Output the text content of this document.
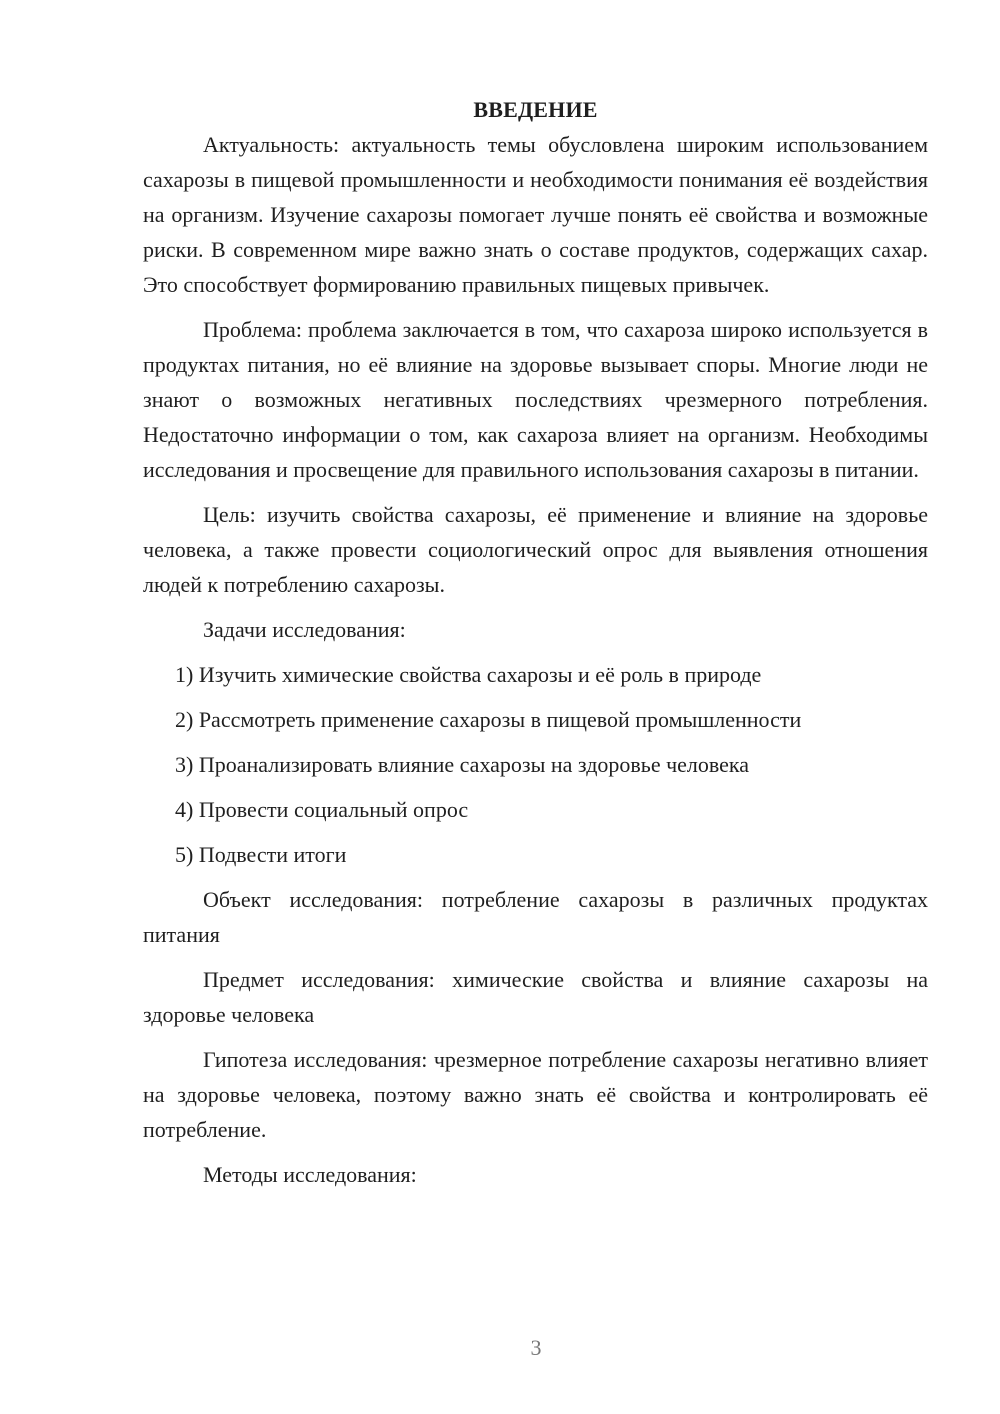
ВВЕДЕНИЕ

Актуальность: актуальность темы обусловлена широким использованием сахарозы в пищевой промышленности и необходимости понимания её воздействия на организм. Изучение сахарозы помогает лучше понять её свойства и возможные риски. В современном мире важно знать о составе продуктов, содержащих сахар. Это способствует формированию правильных пищевых привычек.

Проблема: проблема заключается в том, что сахароза широко используется в продуктах питания, но её влияние на здоровье вызывает споры. Многие люди не знают о возможных негативных последствиях чрезмерного потребления. Недостаточно информации о том, как сахароза влияет на организм. Необходимы исследования и просвещение для правильного использования сахарозы в питании.

Цель: изучить свойства сахарозы, её применение и влияние на здоровье человека, а также провести социологический опрос для выявления отношения людей к потреблению сахарозы.

Задачи исследования:

1) Изучить химические свойства сахарозы и её роль в природе

2) Рассмотреть применение сахарозы в пищевой промышленности

3) Проанализировать влияние сахарозы на здоровье человека

4) Провести социальный опрос

5) Подвести итоги

Объект исследования: потребление сахарозы в различных продуктах питания

Предмет исследования: химические свойства и влияние сахарозы на здоровье человека

Гипотеза исследования: чрезмерное потребление сахарозы негативно влияет на здоровье человека, поэтому важно знать её свойства и контролировать её потребление.

Методы исследования:

3
